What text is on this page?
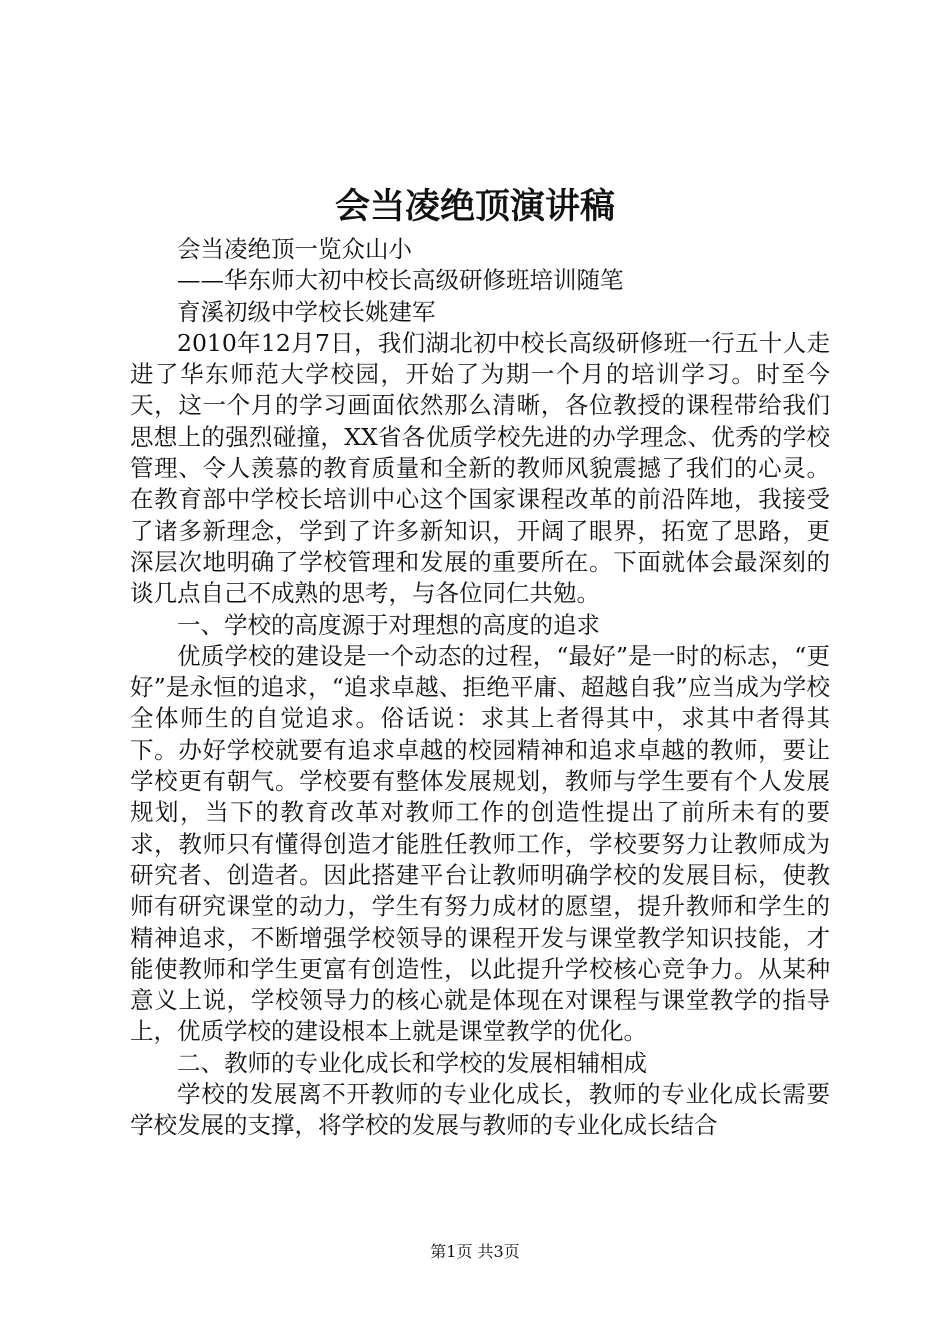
会当凌绝顶演讲稿

会当凌绝顶一览众山小

——华东师大初中校长高级研修班培训随笔

育溪初级中学校长姚建军

2010年12月7日，我们湖北初中校长高级研修班一行五十人走进了华东师范大学校园，开始了为期一个月的培训学习。时至今天，这一个月的学习画面依然那么清晰，各位教授的课程带给我们思想上的强烈碰撞，XX省各优质学校先进的办学理念、优秀的学校管理、令人羡慕的教育质量和全新的教师风貌震撼了我们的心灵。在教育部中学校长培训中心这个国家课程改革的前沿阵地，我接受了诸多新理念，学到了许多新知识，开阔了眼界，拓宽了思路，更深层次地明确了学校管理和发展的重要所在。下面就体会最深刻的谈几点自己不成熟的思考，与各位同仁共勉。

一、学校的高度源于对理想的高度的追求

优质学校的建设是一个动态的过程，“最好”是一时的标志，“更好”是永恒的追求，“追求卓越、拒绝平庸、超越自我”应当成为学校全体师生的自觉追求。俗话说：求其上者得其中，求其中者得其下。办好学校就要有追求卓越的校园精神和追求卓越的教师，要让学校更有朝气。学校要有整体发展规划，教师与学生要有个人发展规划，当下的教育改革对教师工作的创造性提出了前所未有的要求，教师只有懂得创造才能胜任教师工作，学校要努力让教师成为研究者、创造者。因此搭建平台让教师明确学校的发展目标，使教师有研究课堂的动力，学生有努力成材的愿望，提升教师和学生的精神追求，不断增强学校领导的课程开发与课堂教学知识技能，才能使教师和学生更富有创造性，以此提升学校核心竞争力。从某种意义上说，学校领导力的核心就是体现在对课程与课堂教学的指导上，优质学校的建设根本上就是课堂教学的优化。

二、教师的专业化成长和学校的发展相辅相成

学校的发展离不开教师的专业化成长，教师的专业化成长需要学校发展的支撑，将学校的发展与教师的专业化成长结合

第1页 共3页
